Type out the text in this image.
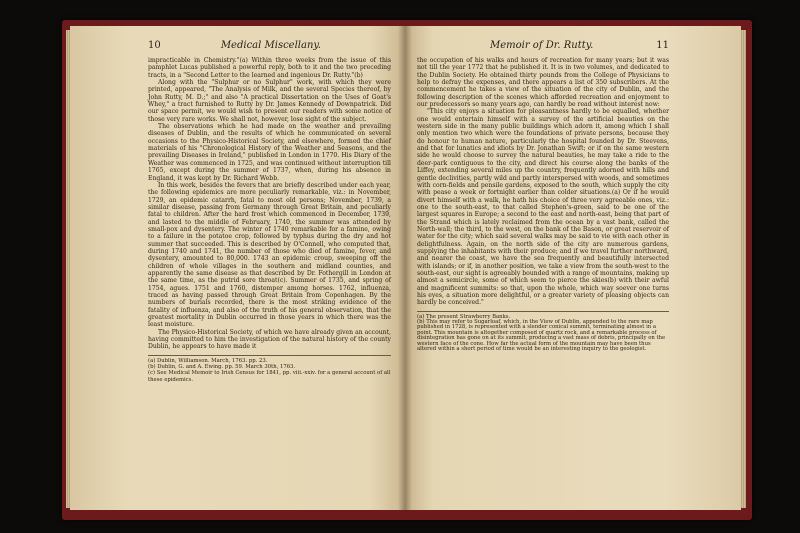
10	Medical Miscellany.

impracticable in Chemistry."(a) Within three weeks from the issue of this pamphlet Lucas published a powerful reply, both to it and the two preceding tracts, in a "Second Letter to the learned and ingenious Dr. Rutty."(b)

Along with the "Sulphur or no Sulphur" work, with which they were printed, appeared, "The Analysis of Milk, and the several Species thereof, by John Rutty, M. D.;" and also "A practical Dissertation on the Uses of Goat's Whey," a tract furnished to Rutty by Dr. James Kennedy of Downpatrick. Did our space permit, we would wish to present our readers with some notice of those very rare works. We shall not, however, lose sight of the subject.

The observations which he had made on the weather and prevailing diseases of Dublin, and the results of which he communicated on several occasions to the Physico-Historical Society, and elsewhere, formed the chief materials of his "Chronological History of the Weather and Seasons, and the prevailing Diseases in Ireland," published in London in 1770. His Diary of the Weather was commenced in 1725, and was continued without interruption till 1765, except during the summer of 1737, when, during his absence in England, it was kept by Dr. Richard Webb.

In this work, besides the fevers that are briefly described under each year, the following epidemics are more peculiarly remarkable, viz.: in November, 1729, an epidemic catarrh, fatal to most old persons; November, 1739, a similar disease, passing from Germany through Great Britain, and peculiarly fatal to children. After the hard frost which commenced in December, 1739, and lasted to the middle of February, 1740, the summer was attended by small-pox and dysentery. The winter of 1740 remarkable for a famine, owing to a failure in the potatoe crop, followed by typhus during the dry and hot summer that succeeded. This is described by O'Connell, who computed that, during 1740 and 1741, the number of those who died of famine, fever, and dysentery, amounted to 80,000. 1743 an epidemic croup, sweeping off the children of whole villages in the southern and midland counties, and apparently the same disease as that described by Dr. Fothergill in London at the same time, as the putrid sore throat(c). Summer of 1735, and spring of 1754, agues. 1751 and 1760, distemper among horses. 1762, influenza, traced as having passed through Great Britain from Copenhagen. By the numbers of burials recorded, there is the most striking evidence of the fatality of influenza, and also of the truth of his general observation, that the greatest mortality in Dublin occurred in those years in which there was the least moisture.

The Physico-Historical Society, of which we have already given an account, having committed to him the investigation of the natural history of the county Dublin, he appears to have made it

(a) Dublin, Williamson. March, 1763. pp. 23.
(b) Dublin, G. and A. Ewing. pp. 59. March 30th, 1763.
(c) See Medical Memoir to Irish Census for 1841, pp. viii.-xxiv. for a general account of all these epidemics.
Memoir of Dr. Rutty.	11

the occupation of his walks and hours of recreation for many years; but it was not till the year 1772 that he published it. It is in two volumes, and dedicated to the Dublin Society. He obtained thirty pounds from the College of Physicians to help to defray the expenses, and there appears a list of 350 subscribers. At the commencement he takes a view of the situation of the city of Dublin, and the following description of the scenes which afforded recreation and enjoyment to our predecessors so many years ago, can hardly be read without interest now:

"This city enjoys a situation for pleasantness hardly to be equalled, whether one would entertain himself with a survey of the artificial beauties on the western side in the many public buildings which adorn it, among which I shall only mention two which were the foundations of private persons, because they do honour to human nature, particularly the hospital founded by Dr. Steevens, and that for lunatics and idiots by Dr. Jonathan Swift; or if on the same western side he would choose to survey the natural beauties, he may take a ride to the deer-park contiguous to the city, and direct his course along the banks of the Liffey, extending several miles up the country, frequently adorned with hills and gentle declivities, partly wild and partly interspersed with woods, and sometimes with corn-fields and pensile gardens, exposed to the south, which supply the city with pease a week or fortnight earlier than colder situations.(a) Or if he would divert himself with a walk, he hath his choice of three very agreeable ones, viz.: one to the south-east, to that called Stephen's-green, said to be one of the largest squares in Europe; a second to the east and north-east, being that part of the Strand which is lately reclaimed from the ocean by a vast bank, called the North-wall; the third, to the west, on the bank of the Bason, or great reservoir of water for the city; which said several walks may be said to vie with each other in delightfulness. Again, on the north side of the city are numerous gardens, supplying the inhabitants with their produce; and if we travel further northward, and nearer the coast, we have the sea frequently and beautifully intersected with islands; or if, in another position, we take a view from the south-west to the south-east, our sight is agreeably bounded with a range of mountains, making up almost a semicircle, some of which seem to pierce the skies(b) with their awful and magnificent summits: so that, upon the whole, which way soever one turns his eyes, a situation more delightful, or a greater variety of pleasing objects can hardly be conceived."

(a) The present Strawberry Banks.
(b) This may refer to Sugarloaf, which, in the View of Dublin, appended to the rare map published in 1728, is represented with a slender conical summit, terminating almost in a point. This mountain is altogether composed of quartz rock, and a remarkable process of disintegration has gone on at its summit, producing a vast mass of debris, principally on the western face of the cone. How far the actual form of the mountain may have been thus altered within a short period of time would be an interesting inquiry to the geologist.
